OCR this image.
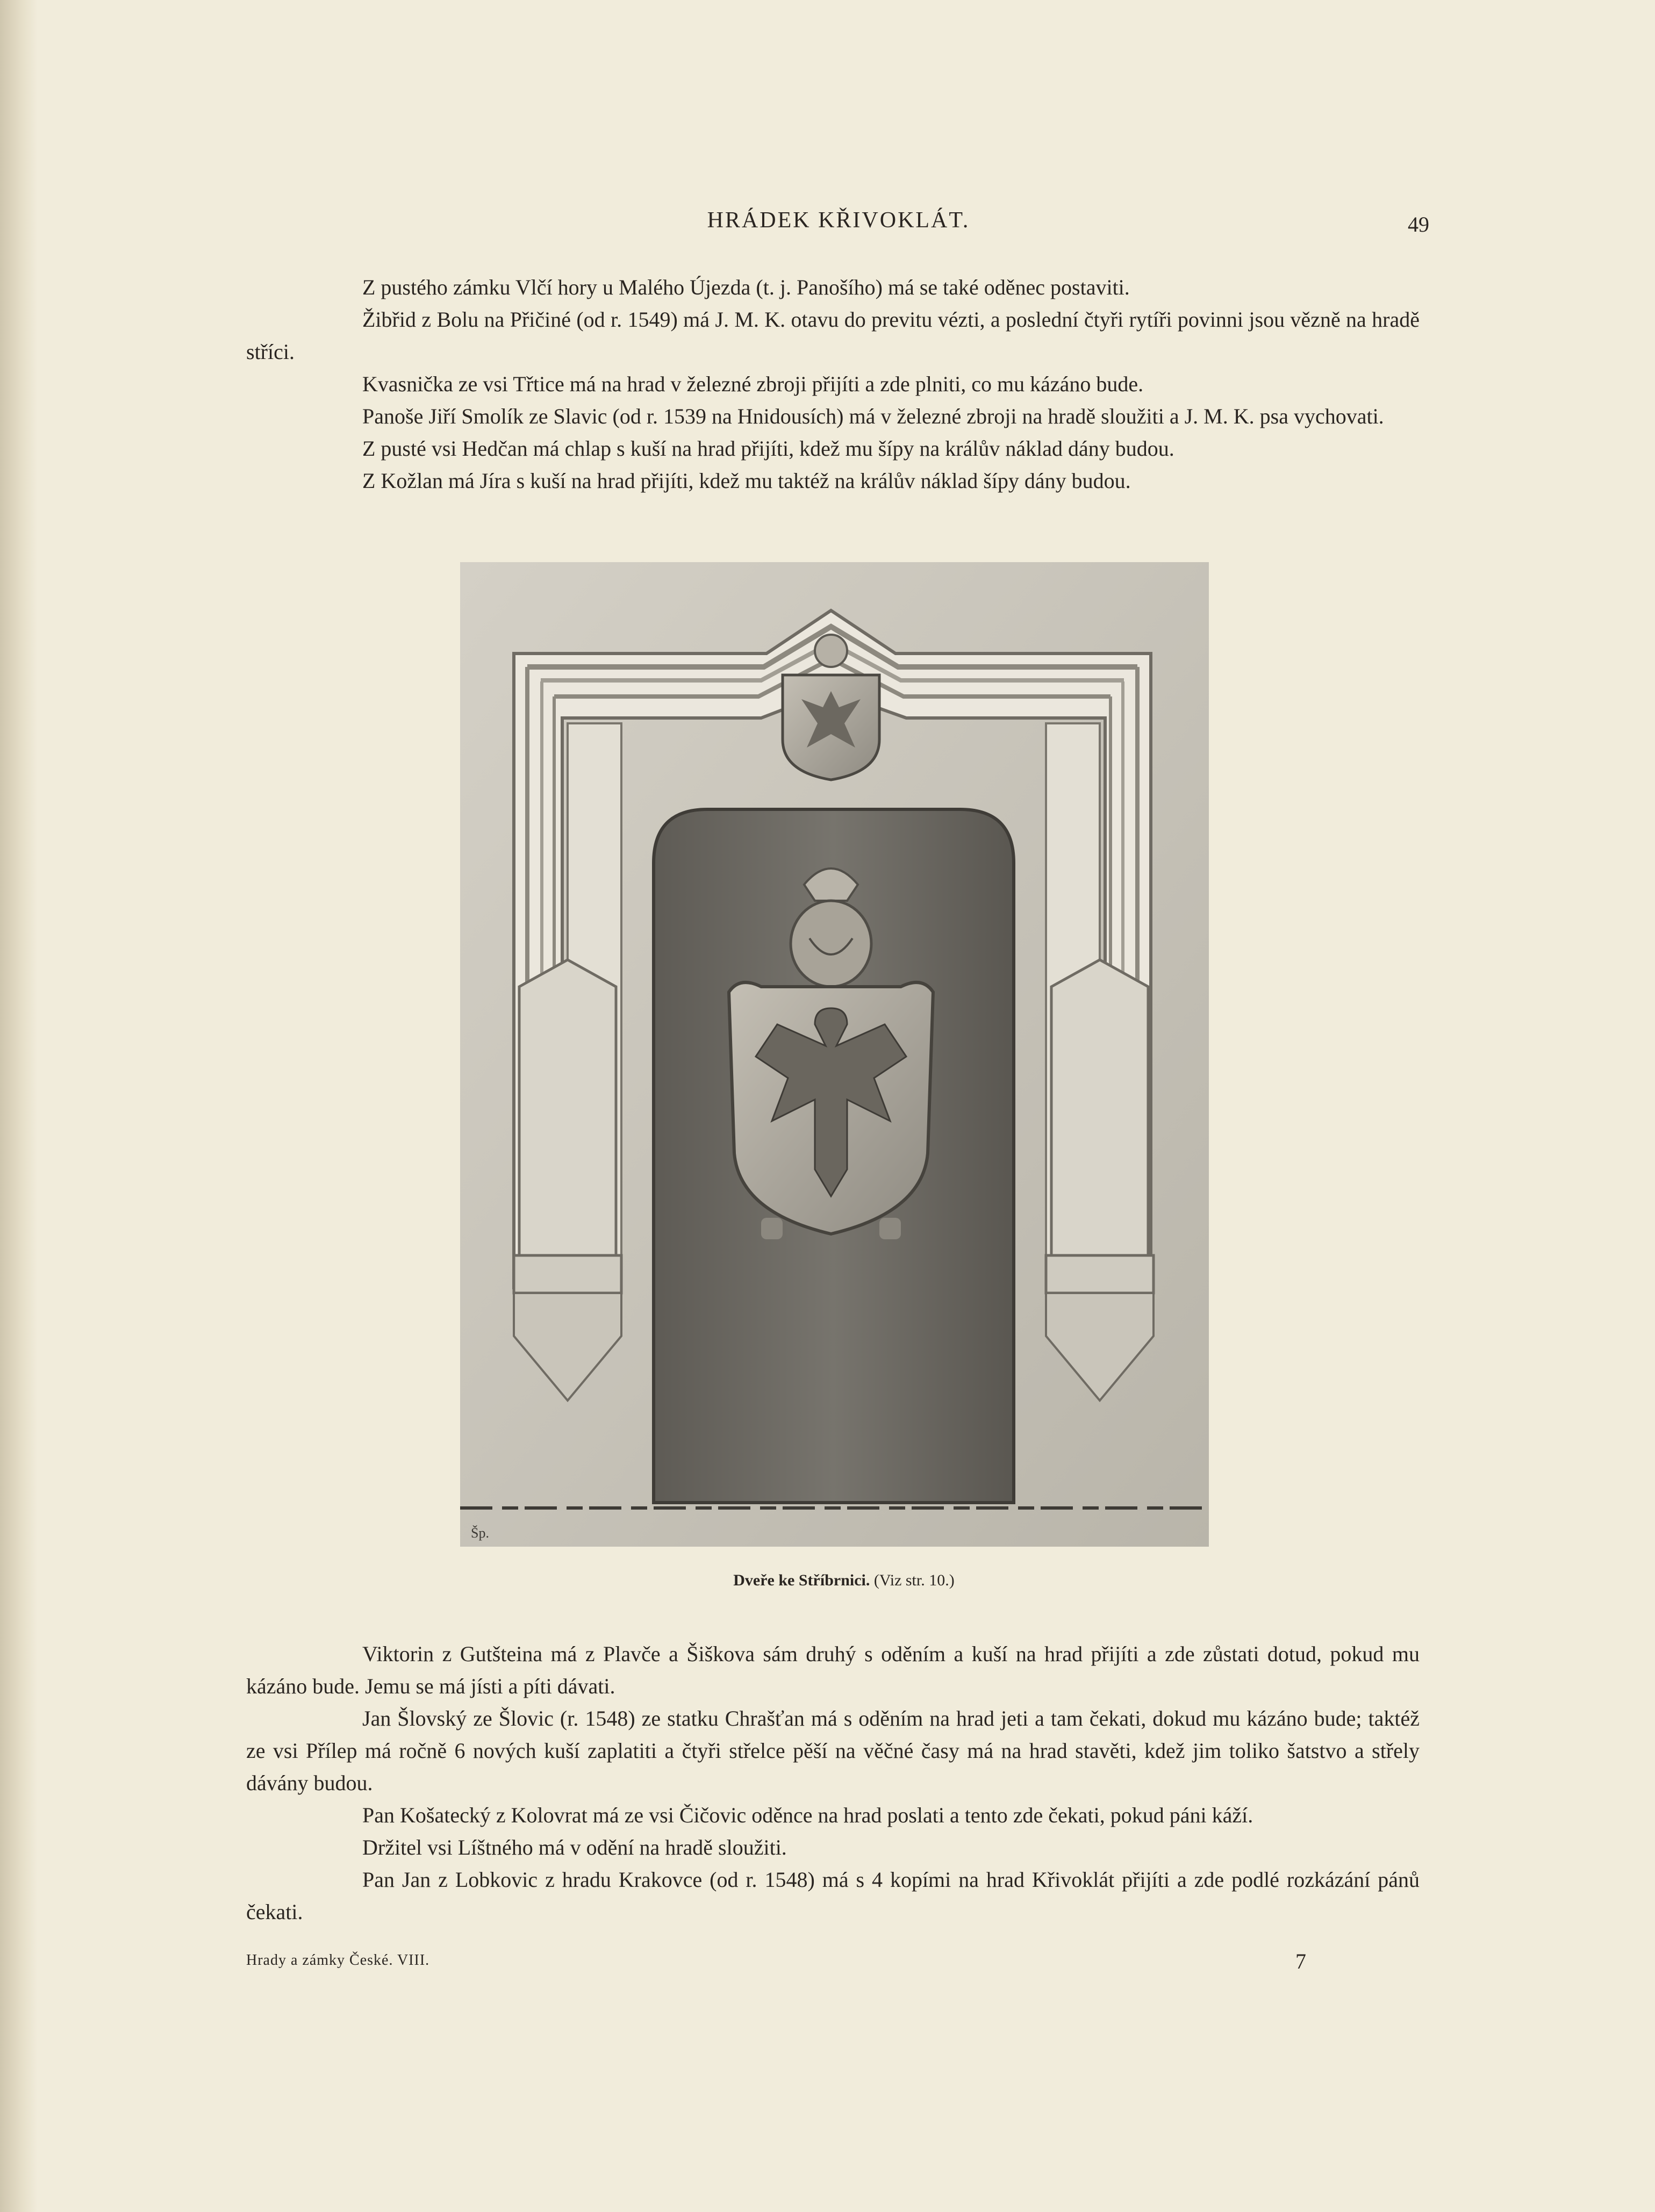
HRÁDEK KŘIVOKLÁT.	49

Z pustého zámku Vlčí hory u Malého Újezda (t. j. Panošího) má se také oděnec postaviti.

Žibřid z Bolu na Přičiné (od r. 1549) má J. M. K. otavu do previtu vézti, a poslední čtyři rytíři povinni jsou vězně na hradě stříci.

Kvasnička ze vsi Třtice má na hrad v železné zbroji přijíti a zde plniti, co mu kázáno bude.

Panoše Jiří Smolík ze Slavic (od r. 1539 na Hnidousích) má v železné zbroji na hradě sloužiti a J. M. K. psa vychovati.

Z pusté vsi Hedčan má chlap s kuší na hrad přijíti, kdež mu šípy na králův náklad dány budou.

Z Kožlan má Jíra s kuší na hrad přijíti, kdež mu taktéž na králův náklad šípy dány budou.

Šp.
Dveře ke Stříbrnici. (Viz str. 10.)

Viktorin z Gutšteina má z Plavče a Šiškova sám druhý s oděním a kuší na hrad přijíti a zde zůstati dotud, pokud mu kázáno bude. Jemu se má jísti a píti dávati.

Jan Šlovský ze Šlovic (r. 1548) ze statku Chrašťan má s oděním na hrad jeti a tam čekati, dokud mu kázáno bude; taktéž ze vsi Přílep má ročně 6 nových kuší zaplatiti a čtyři střelce pěší na věčné časy má na hrad stavěti, kdež jim toliko šatstvo a střely dávány budou.

Pan Košatecký z Kolovrat má ze vsi Čičovic oděnce na hrad poslati a tento zde čekati, pokud páni káží.

Držitel vsi Líštného má v odění na hradě sloužiti.

Pan Jan z Lobkovic z hradu Krakovce (od r. 1548) má s 4 kopími na hrad Křivoklát přijíti a zde podlé rozkázání pánů čekati.

Hrady a zámky České. VIII.	7
